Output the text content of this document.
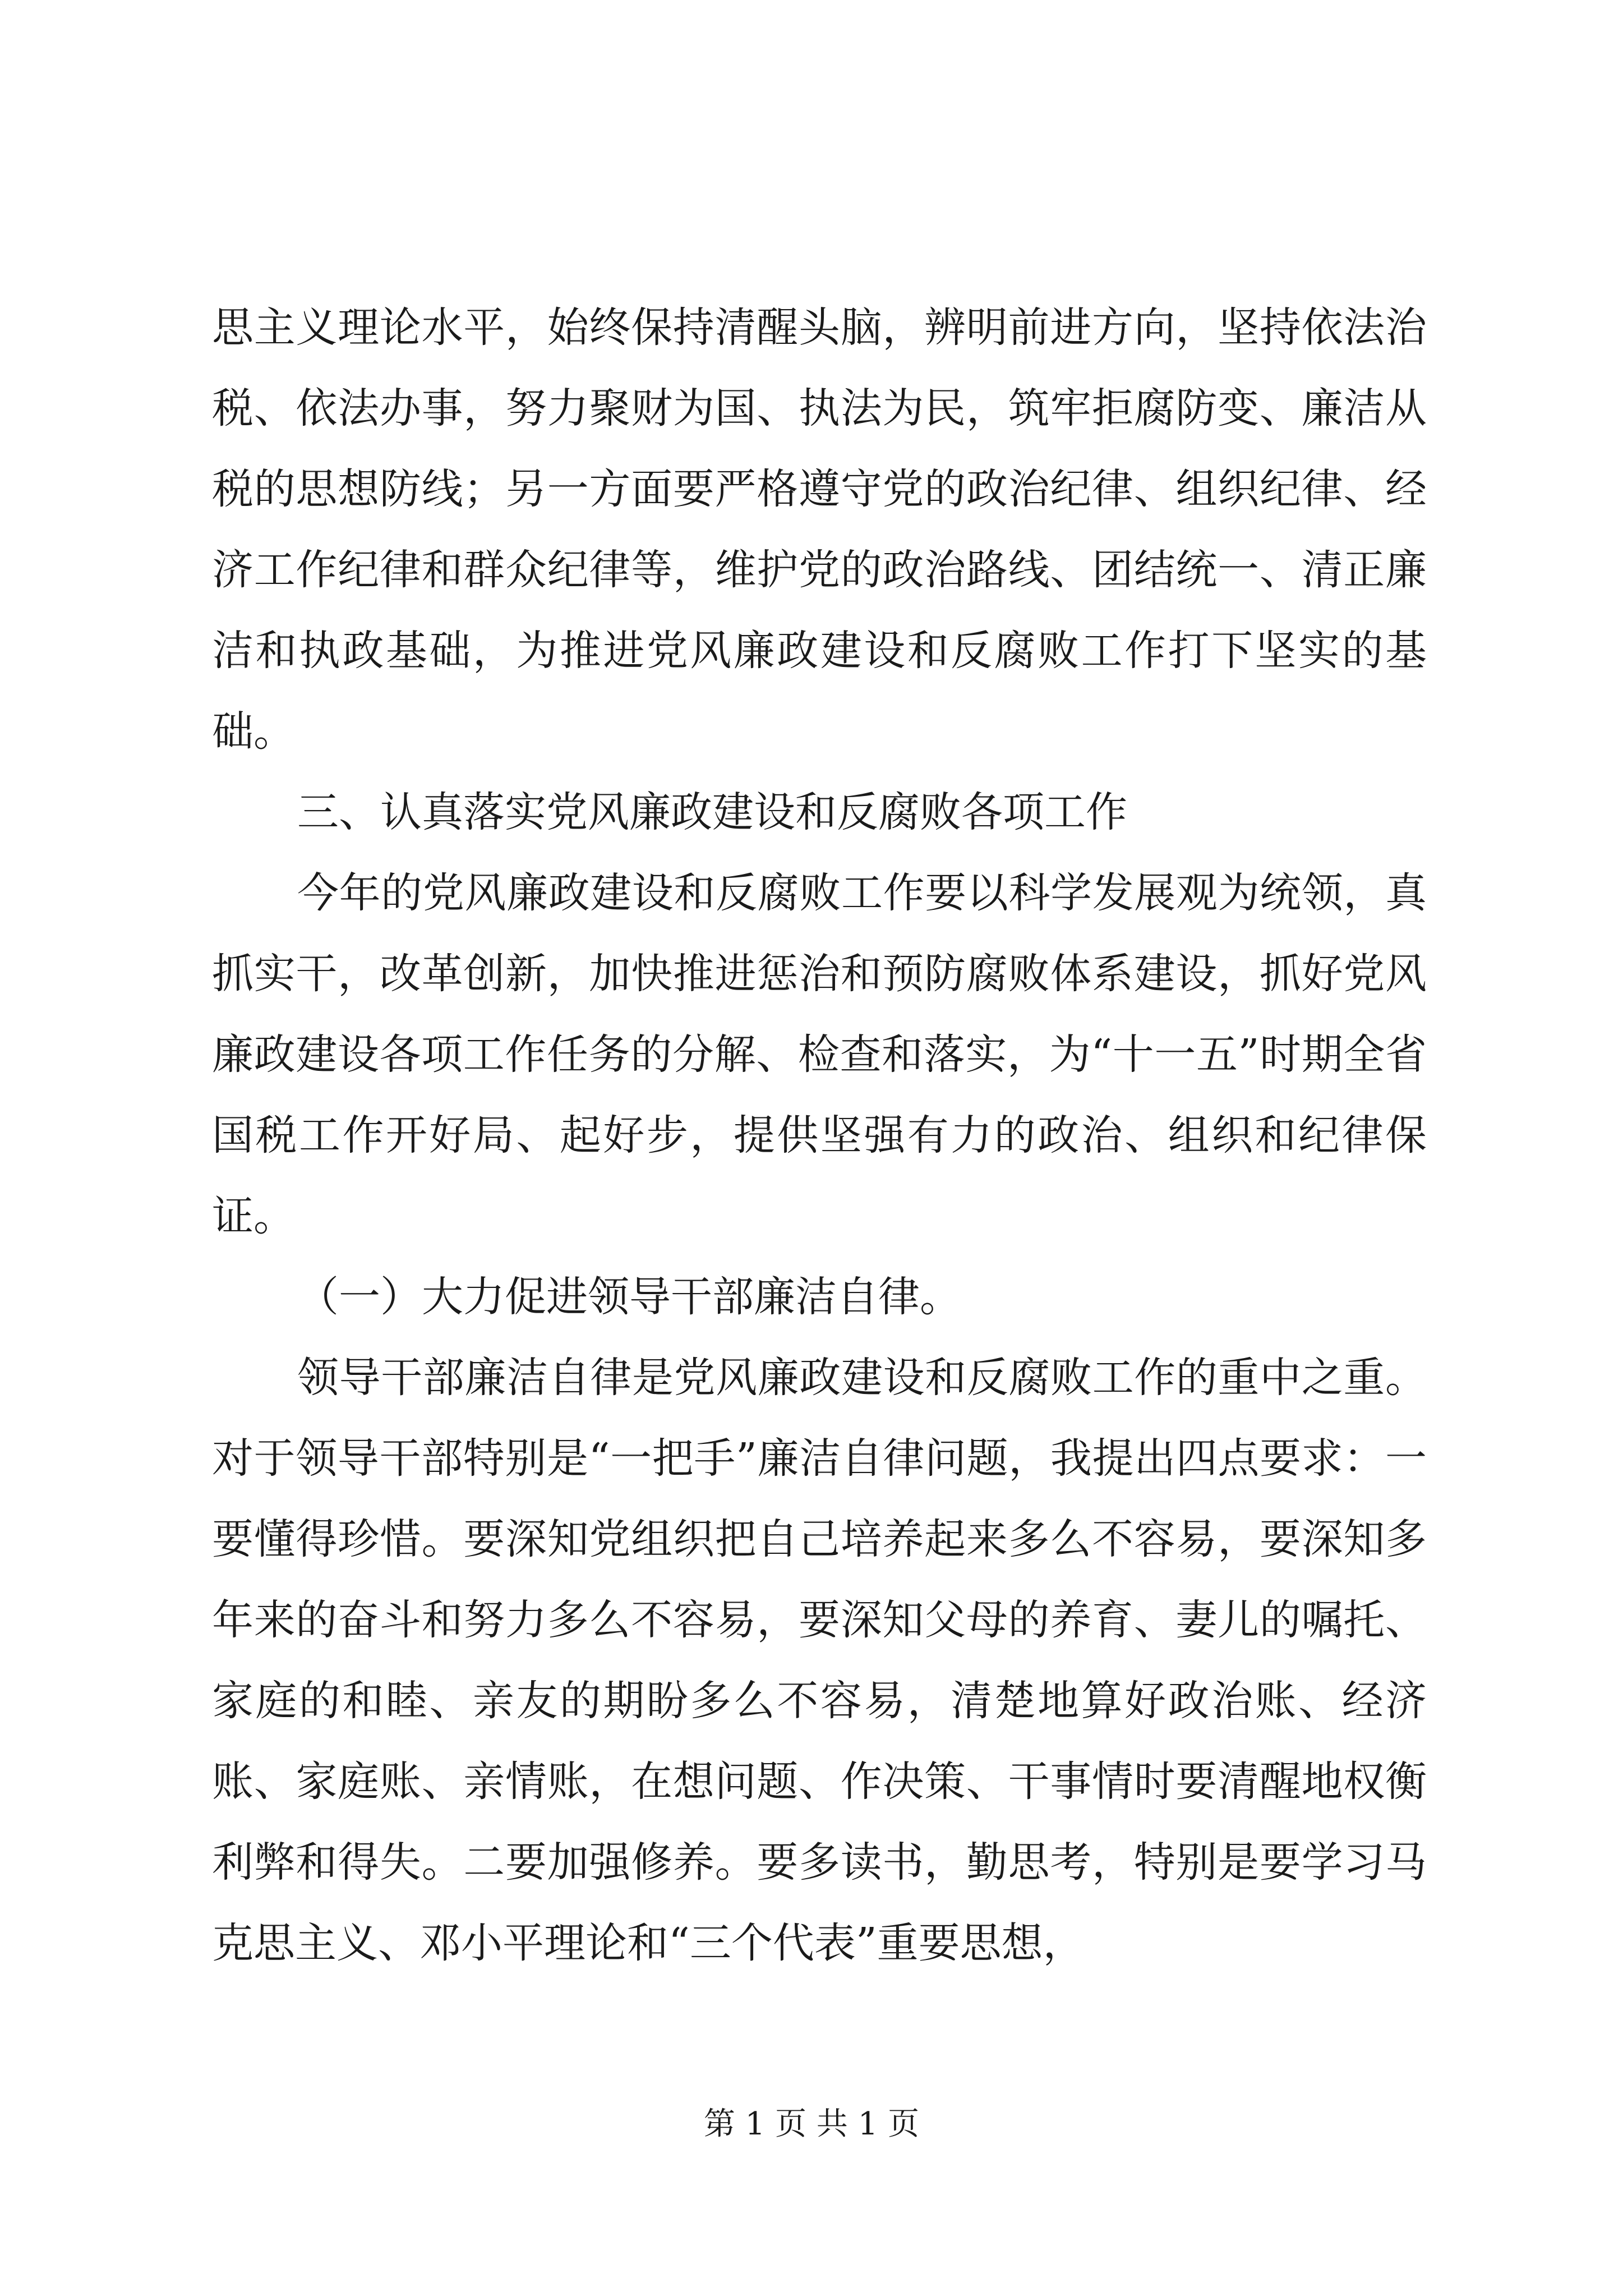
思主义理论水平，始终保持清醒头脑，辨明前进方向，坚持依法治税、依法办事，努力聚财为国、执法为民，筑牢拒腐防变、廉洁从税的思想防线；另一方面要严格遵守党的政治纪律、组织纪律、经济工作纪律和群众纪律等，维护党的政治路线、团结统一、清正廉洁和执政基础，为推进党风廉政建设和反腐败工作打下坚实的基础。

三、认真落实党风廉政建设和反腐败各项工作

今年的党风廉政建设和反腐败工作要以科学发展观为统领，真抓实干，改革创新，加快推进惩治和预防腐败体系建设，抓好党风廉政建设各项工作任务的分解、检查和落实，为“十一五”时期全省国税工作开好局、起好步，提供坚强有力的政治、组织和纪律保证。

（一）大力促进领导干部廉洁自律。

领导干部廉洁自律是党风廉政建设和反腐败工作的重中之重。对于领导干部特别是“一把手”廉洁自律问题，我提出四点要求：一要懂得珍惜。要深知党组织把自己培养起来多么不容易，要深知多年来的奋斗和努力多么不容易，要深知父母的养育、妻儿的嘱托、家庭的和睦、亲友的期盼多么不容易，清楚地算好政治账、经济账、家庭账、亲情账，在想问题、作决策、干事情时要清醒地权衡利弊和得失。二要加强修养。要多读书，勤思考，特别是要学习马克思主义、邓小平理论和“三个代表”重要思想，

第 1 页 共 1 页
